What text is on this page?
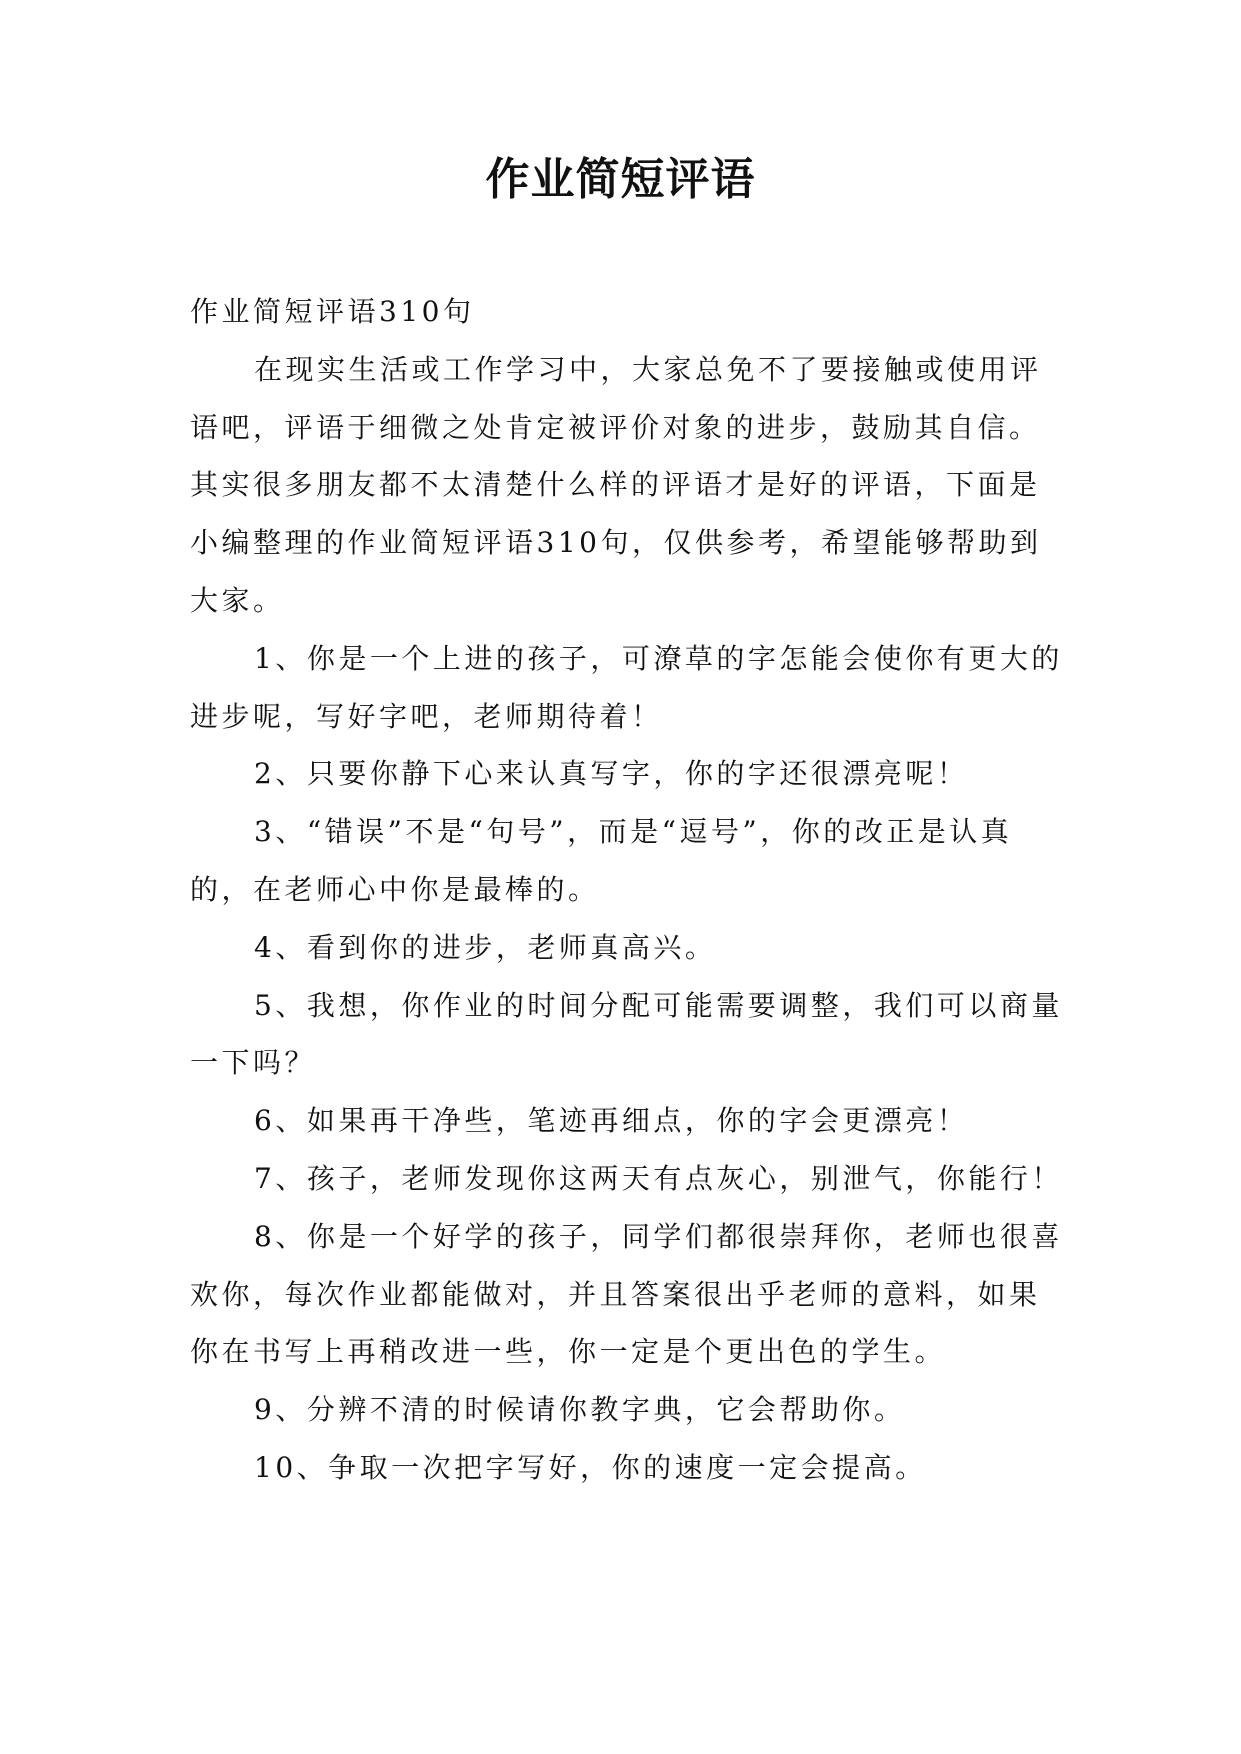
作业简短评语

作业简短评语310句

在现实生活或工作学习中，大家总免不了要接触或使用评语吧，评语于细微之处肯定被评价对象的进步，鼓励其自信。其实很多朋友都不太清楚什么样的评语才是好的评语，下面是小编整理的作业简短评语310句，仅供参考，希望能够帮助到大家。

1、你是一个上进的孩子，可潦草的字怎能会使你有更大的进步呢，写好字吧，老师期待着！

2、只要你静下心来认真写字，你的字还很漂亮呢！

3、“错误”不是“句号”，而是“逗号”，你的改正是认真的，在老师心中你是最棒的。

4、看到你的进步，老师真高兴。

5、我想，你作业的时间分配可能需要调整，我们可以商量一下吗？

6、如果再干净些，笔迹再细点，你的字会更漂亮！

7、孩子，老师发现你这两天有点灰心，别泄气，你能行！

8、你是一个好学的孩子，同学们都很崇拜你，老师也很喜欢你，每次作业都能做对，并且答案很出乎老师的意料，如果你在书写上再稍改进一些，你一定是个更出色的学生。

9、分辨不清的时候请你教字典，它会帮助你。

10、争取一次把字写好，你的速度一定会提高。
